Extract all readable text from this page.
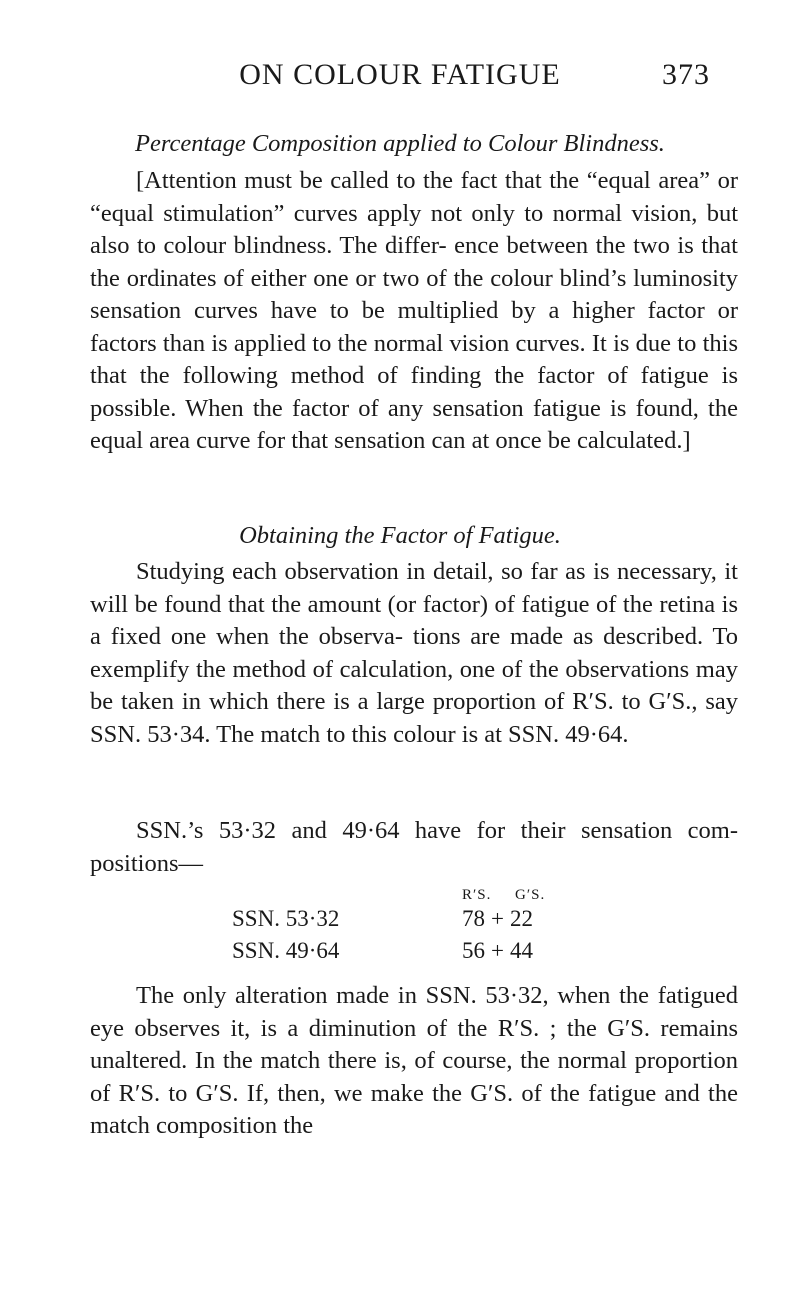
ON COLOUR FATIGUE	373
Percentage Composition applied to Colour Blindness.
[Attention must be called to the fact that the “equal area” or “equal stimulation” curves apply not only to normal vision, but also to colour blindness. The differ- ence between the two is that the ordinates of either one or two of the colour blind’s luminosity sensation curves have to be multiplied by a higher factor or factors than is applied to the normal vision curves. It is due to this that the following method of finding the factor of fatigue is possible. When the factor of any sensation fatigue is found, the equal area curve for that sensation can at once be calculated.]
Obtaining the Factor of Fatigue.
Studying each observation in detail, so far as is necessary, it will be found that the amount (or factor) of fatigue of the retina is a fixed one when the observa- tions are made as described. To exemplify the method of calculation, one of the observations may be taken in which there is a large proportion of R′S. to G′S., say SSN. 53·34. The match to this colour is at SSN. 49·64.
SSN.’s 53·32 and 49·64 have for their sensation com- positions—
R′S. G′S.
SSN. 53·32	78 + 22
SSN. 49·64	56 + 44
The only alteration made in SSN. 53·32, when the fatigued eye observes it, is a diminution of the R′S. ; the G′S. remains unaltered. In the match there is, of course, the normal proportion of R′S. to G′S. If, then, we make the G′S. of the fatigue and the match composition the
